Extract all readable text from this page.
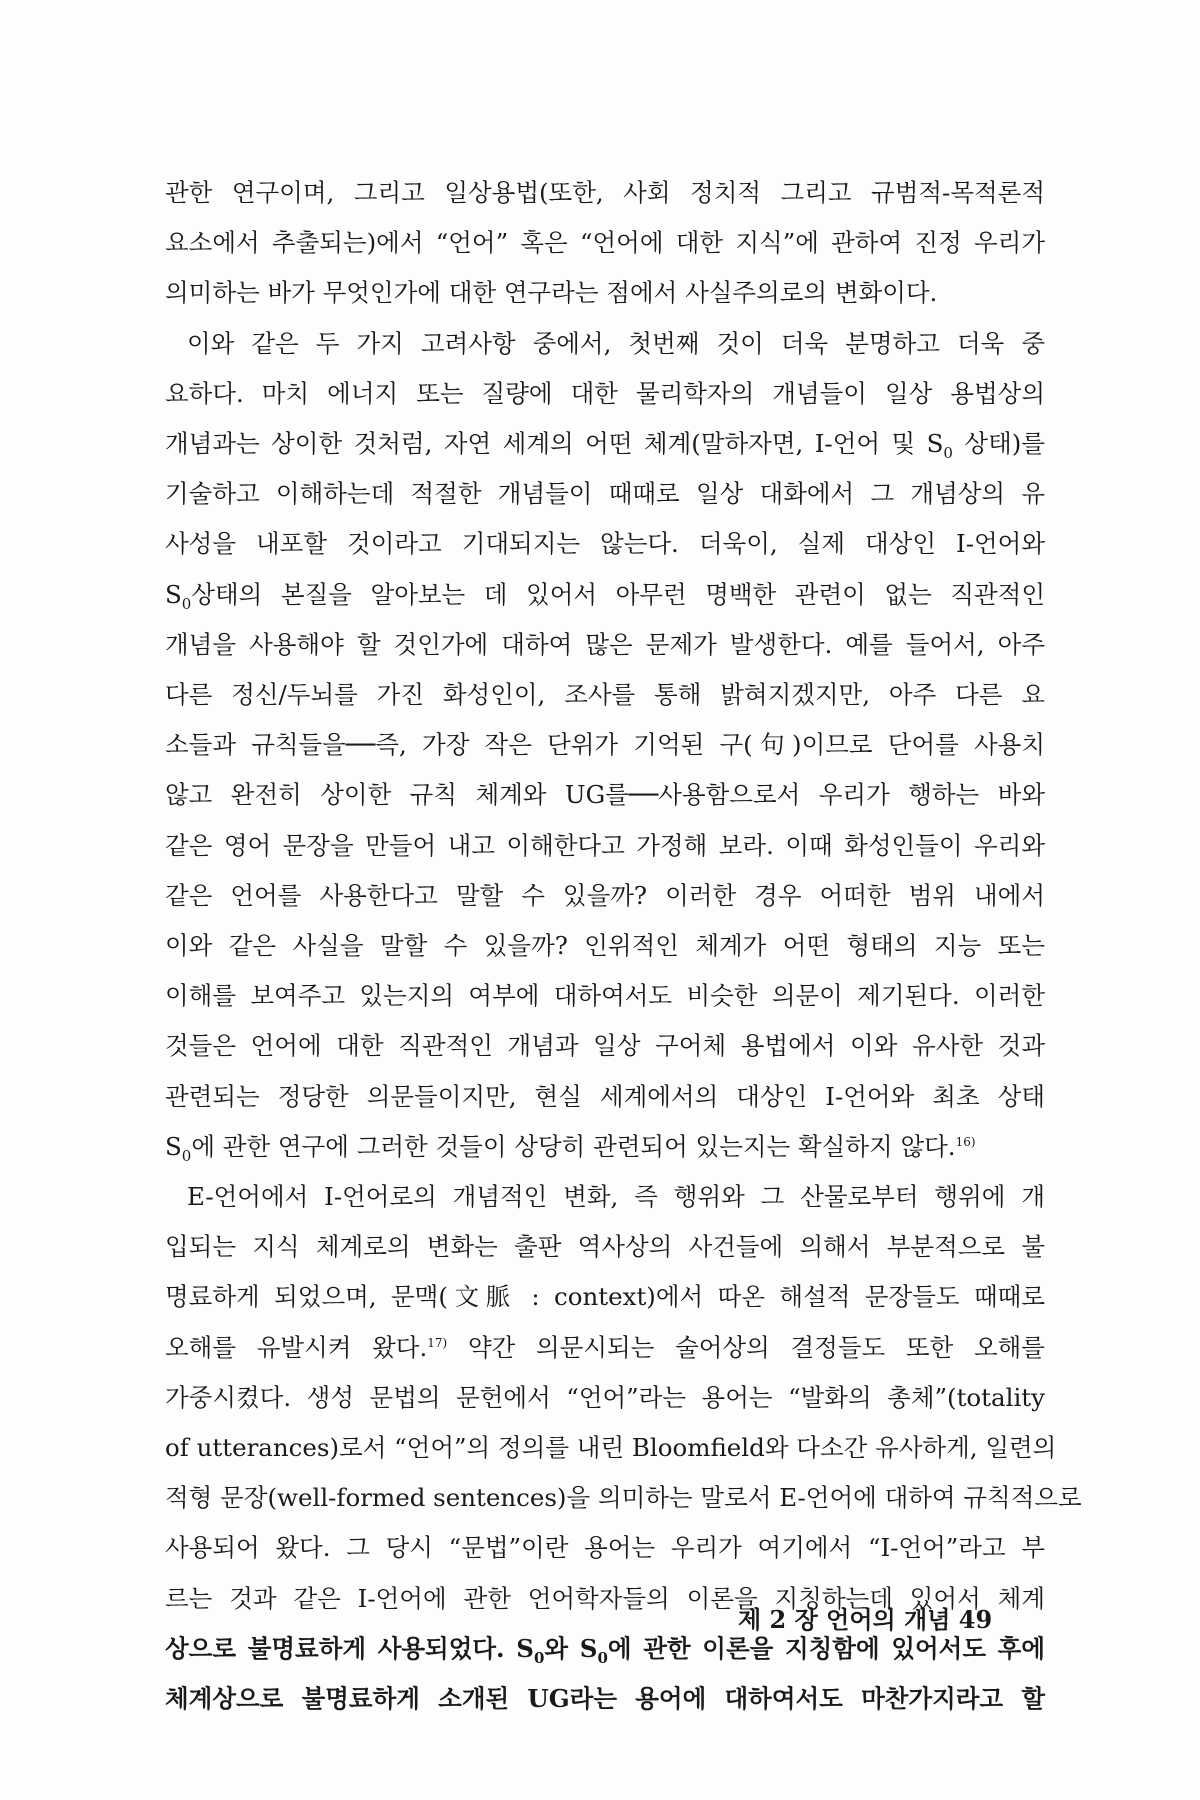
관한 연구이며, 그리고 일상용법(또한, 사회 정치적 그리고 규범적-목적론적
요소에서 추출되는)에서 “언어” 혹은 “언어에 대한 지식”에 관하여 진정 우리가
의미하는 바가 무엇인가에 대한 연구라는 점에서 사실주의로의 변화이다.
이와 같은 두 가지 고려사항 중에서, 첫번째 것이 더욱 분명하고 더욱 중
요하다. 마치 에너지 또는 질량에 대한 물리학자의 개념들이 일상 용법상의
개념과는 상이한 것처럼, 자연 세계의 어떤 체계(말하자면, I-언어 및 $S_0$ 상태)를
기술하고 이해하는데 적절한 개념들이 때때로 일상 대화에서 그 개념상의 유
사성을 내포할 것이라고 기대되지는 않는다. 더욱이, 실제 대상인 I-언어와
$S_0$상태의 본질을 알아보는 데 있어서 아무런 명백한 관련이 없는 직관적인
개념을 사용해야 할 것인가에 대하여 많은 문제가 발생한다. 예를 들어서, 아주
다른 정신/두뇌를 가진 화성인이, 조사를 통해 밝혀지겠지만, 아주 다른 요
소들과 규칙들을──즉, 가장 작은 단위가 기억된 구(句)이므로 단어를 사용치
않고 완전히 상이한 규칙 체계와 UG를──사용함으로서 우리가 행하는 바와
같은 영어 문장을 만들어 내고 이해한다고 가정해 보라. 이때 화성인들이 우리와
같은 언어를 사용한다고 말할 수 있을까? 이러한 경우 어떠한 범위 내에서
이와 같은 사실을 말할 수 있을까? 인위적인 체계가 어떤 형태의 지능 또는
이해를 보여주고 있는지의 여부에 대하여서도 비슷한 의문이 제기된다. 이러한
것들은 언어에 대한 직관적인 개념과 일상 구어체 용법에서 이와 유사한 것과
관련되는 정당한 의문들이지만, 현실 세계에서의 대상인 I-언어와 최초 상태
$S_0$에 관한 연구에 그러한 것들이 상당히 관련되어 있는지는 확실하지 않다.$^{16)}$
E-언어에서 I-언어로의 개념적인 변화, 즉 행위와 그 산물로부터 행위에 개
입되는 지식 체계로의 변화는 출판 역사상의 사건들에 의해서 부분적으로 불
명료하게 되었으며, 문맥(文脈 : context)에서 따온 해설적 문장들도 때때로
오해를 유발시켜 왔다.$^{17)}$ 약간 의문시되는 술어상의 결정들도 또한 오해를
가중시켰다. 생성 문법의 문헌에서 “언어”라는 용어는 “발화의 총체”(totality
of utterances)로서 “언어”의 정의를 내린 Bloomfield와 다소간 유사하게, 일련의
적형 문장(well-formed sentences)을 의미하는 말로서 E-언어에 대하여 규칙적으로
사용되어 왔다. 그 당시 “문법”이란 용어는 우리가 여기에서 “I-언어”라고 부
르는 것과 같은 I-언어에 관한 언어학자들의 이론을 지칭하는데 있어서 체계
상으로 불명료하게 사용되었다. $S_0$와 $S_0$에 관한 이론을 지칭함에 있어서도 후에
체계상으로 불명료하게 소개된 UG라는 용어에 대하여서도 마찬가지라고 할
제 2 장 언어의 개념 49
